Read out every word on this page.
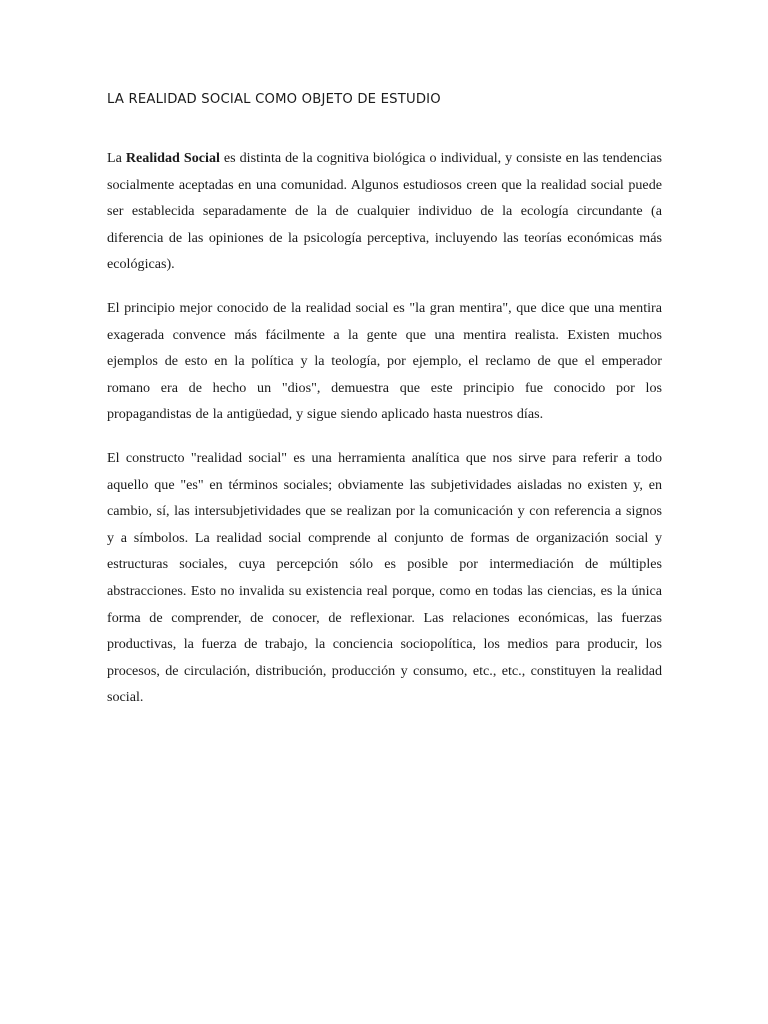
LA REALIDAD SOCIAL COMO OBJETO DE ESTUDIO

La Realidad Social es distinta de la cognitiva biológica o individual, y consiste en las tendencias socialmente aceptadas en una comunidad. Algunos estudiosos creen que la realidad social puede ser establecida separadamente de la de cualquier individuo de la ecología circundante (a diferencia de las opiniones de la psicología perceptiva, incluyendo las teorías económicas más ecológicas).

El principio mejor conocido de la realidad social es "la gran mentira", que dice que una mentira exagerada convence más fácilmente a la gente que una mentira realista. Existen muchos ejemplos de esto en la política y la teología, por ejemplo, el reclamo de que el emperador romano era de hecho un "dios", demuestra que este principio fue conocido por los propagandistas de la antigüedad, y sigue siendo aplicado hasta nuestros días.

El constructo "realidad social" es una herramienta analítica que nos sirve para referir a todo aquello que "es" en términos sociales; obviamente las subjetividades aisladas no existen y, en cambio, sí, las intersubjetividades que se realizan por la comunicación y con referencia a signos y a símbolos. La realidad social comprende al conjunto de formas de organización social y estructuras sociales, cuya percepción sólo es posible por intermediación de múltiples abstracciones. Esto no invalida su existencia real porque, como en todas las ciencias, es la única forma de comprender, de conocer, de reflexionar. Las relaciones económicas, las fuerzas productivas, la fuerza de trabajo, la conciencia sociopolítica, los medios para producir, los procesos, de circulación, distribución, producción y consumo, etc., etc., constituyen la realidad social.
